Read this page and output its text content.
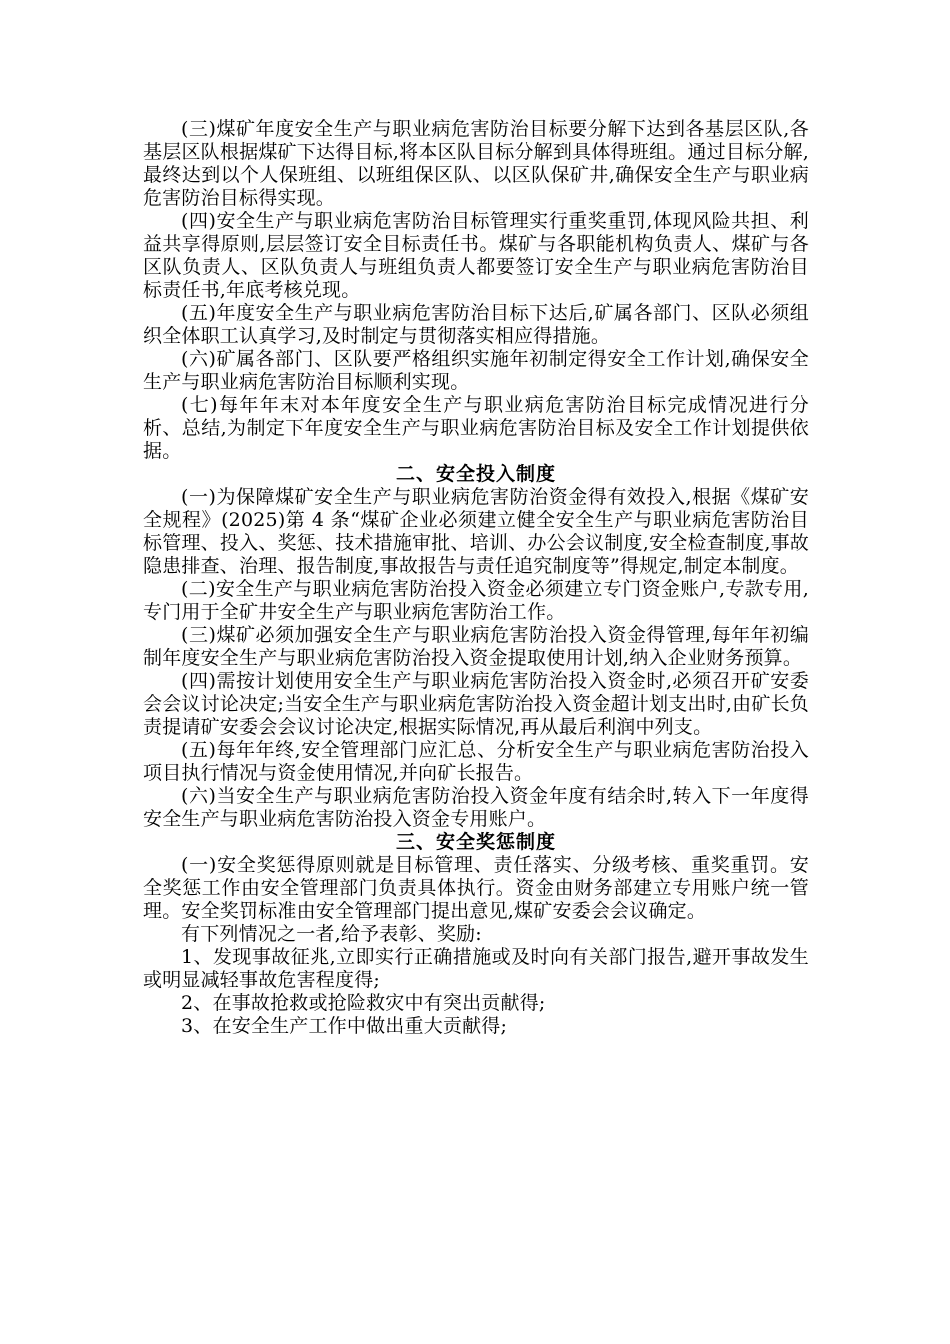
(三)煤矿年度安全生产与职业病危害防治目标要分解下达到各基层区队,各基层区队根据煤矿下达得目标,将本区队目标分解到具体得班组。通过目标分解,最终达到以个人保班组、以班组保区队、以区队保矿井,确保安全生产与职业病危害防治目标得实现。

(四)安全生产与职业病危害防治目标管理实行重奖重罚,体现风险共担、利益共享得原则,层层签订安全目标责任书。煤矿与各职能机构负责人、煤矿与各区队负责人、区队负责人与班组负责人都要签订安全生产与职业病危害防治目标责任书,年底考核兑现。

(五)年度安全生产与职业病危害防治目标下达后,矿属各部门、区队必须组织全体职工认真学习,及时制定与贯彻落实相应得措施。

(六)矿属各部门、区队要严格组织实施年初制定得安全工作计划,确保安全生产与职业病危害防治目标顺利实现。

(七)每年年末对本年度安全生产与职业病危害防治目标完成情况进行分析、总结,为制定下年度安全生产与职业病危害防治目标及安全工作计划提供依据。

二、安全投入制度

(一)为保障煤矿安全生产与职业病危害防治资金得有效投入,根据《煤矿安全规程》(2025)第 4 条“煤矿企业必须建立健全安全生产与职业病危害防治目标管理、投入、奖惩、技术措施审批、培训、办公会议制度,安全检查制度,事故隐患排查、治理、报告制度,事故报告与责任追究制度等”得规定,制定本制度。

(二)安全生产与职业病危害防治投入资金必须建立专门资金账户,专款专用,专门用于全矿井安全生产与职业病危害防治工作。

(三)煤矿必须加强安全生产与职业病危害防治投入资金得管理,每年年初编制年度安全生产与职业病危害防治投入资金提取使用计划,纳入企业财务预算。

(四)需按计划使用安全生产与职业病危害防治投入资金时,必须召开矿安委会会议讨论决定;当安全生产与职业病危害防治投入资金超计划支出时,由矿长负责提请矿安委会会议讨论决定,根据实际情况,再从最后利润中列支。

(五)每年年终,安全管理部门应汇总、分析安全生产与职业病危害防治投入项目执行情况与资金使用情况,并向矿长报告。

(六)当安全生产与职业病危害防治投入资金年度有结余时,转入下一年度得安全生产与职业病危害防治投入资金专用账户。

三、安全奖惩制度

(一)安全奖惩得原则就是目标管理、责任落实、分级考核、重奖重罚。安全奖惩工作由安全管理部门负责具体执行。资金由财务部建立专用账户统一管理。安全奖罚标准由安全管理部门提出意见,煤矿安委会会议确定。

有下列情况之一者,给予表彰、奖励:

1、发现事故征兆,立即实行正确措施或及时向有关部门报告,避开事故发生或明显减轻事故危害程度得;

2、在事故抢救或抢险救灾中有突出贡献得;

3、在安全生产工作中做出重大贡献得;
